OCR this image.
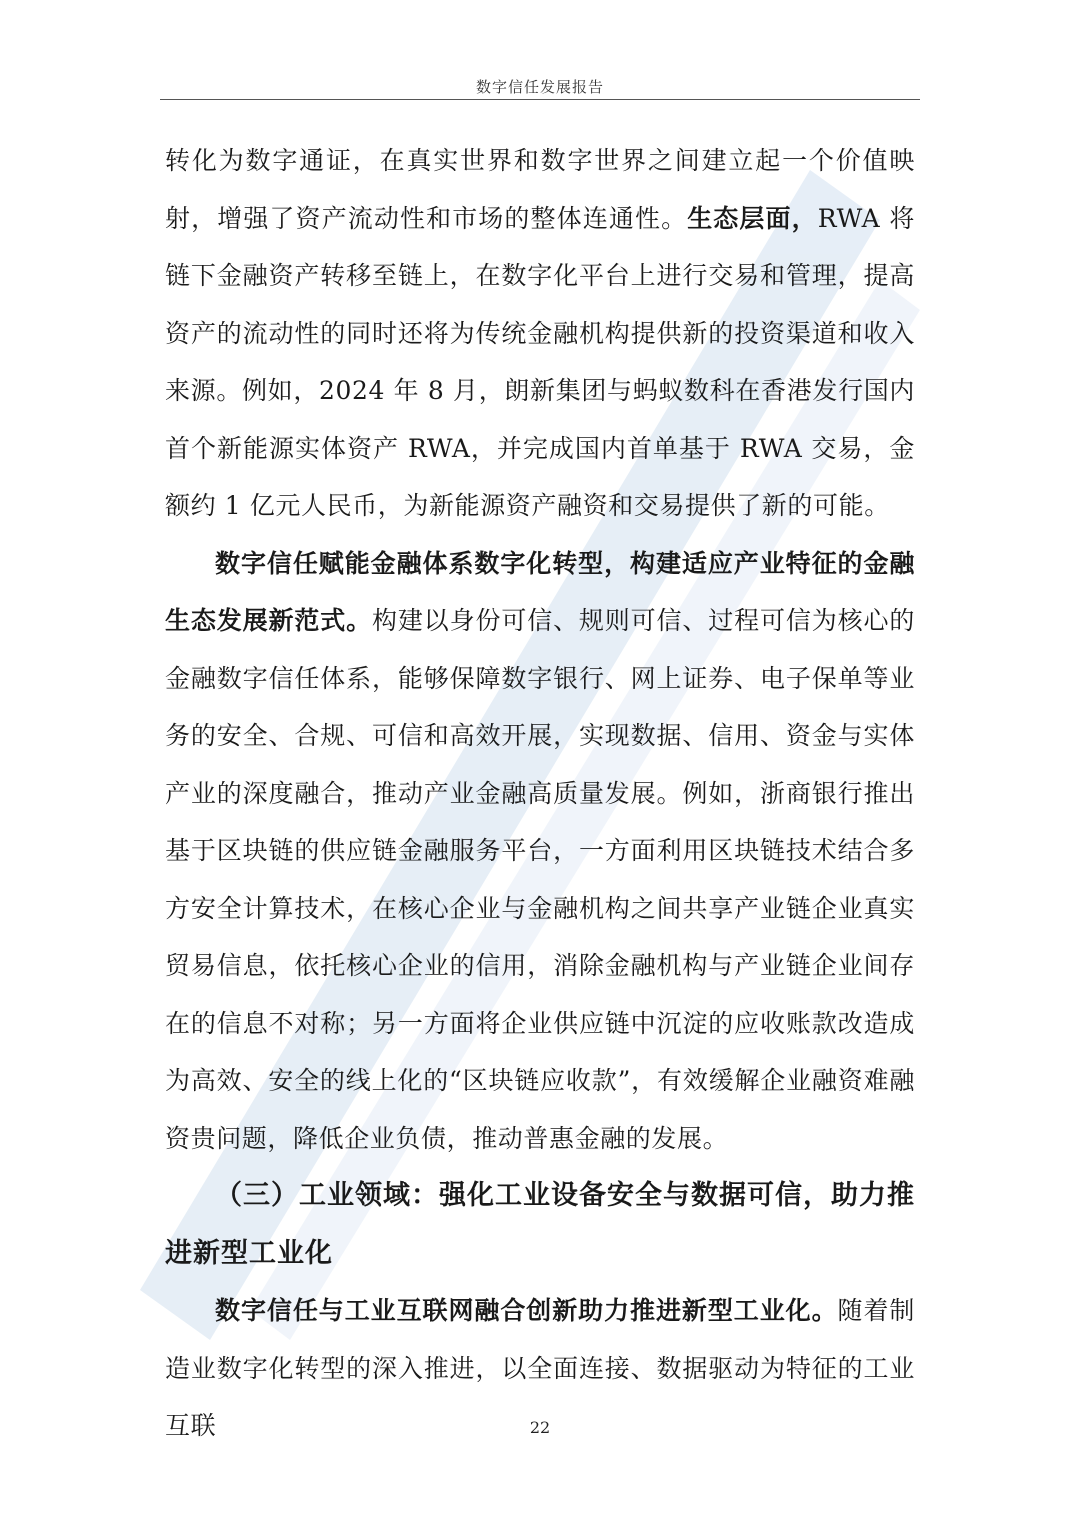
数字信任发展报告

转化为数字通证，在真实世界和数字世界之间建立起一个价值映射，增强了资产流动性和市场的整体连通性。生态层面，RWA 将链下金融资产转移至链上，在数字化平台上进行交易和管理，提高资产的流动性的同时还将为传统金融机构提供新的投资渠道和收入来源。例如，2024 年 8 月，朗新集团与蚂蚁数科在香港发行国内首个新能源实体资产 RWA，并完成国内首单基于 RWA 交易，金额约 1 亿元人民币，为新能源资产融资和交易提供了新的可能。

数字信任赋能金融体系数字化转型，构建适应产业特征的金融生态发展新范式。构建以身份可信、规则可信、过程可信为核心的金融数字信任体系，能够保障数字银行、网上证券、电子保单等业务的安全、合规、可信和高效开展，实现数据、信用、资金与实体产业的深度融合，推动产业金融高质量发展。例如，浙商银行推出基于区块链的供应链金融服务平台，一方面利用区块链技术结合多方安全计算技术，在核心企业与金融机构之间共享产业链企业真实贸易信息，依托核心企业的信用，消除金融机构与产业链企业间存在的信息不对称；另一方面将企业供应链中沉淀的应收账款改造成为高效、安全的线上化的“区块链应收款”，有效缓解企业融资难融资贵问题，降低企业负债，推动普惠金融的发展。

（三）工业领域：强化工业设备安全与数据可信，助力推进新型工业化

数字信任与工业互联网融合创新助力推进新型工业化。随着制造业数字化转型的深入推进，以全面连接、数据驱动为特征的工业互联	22
